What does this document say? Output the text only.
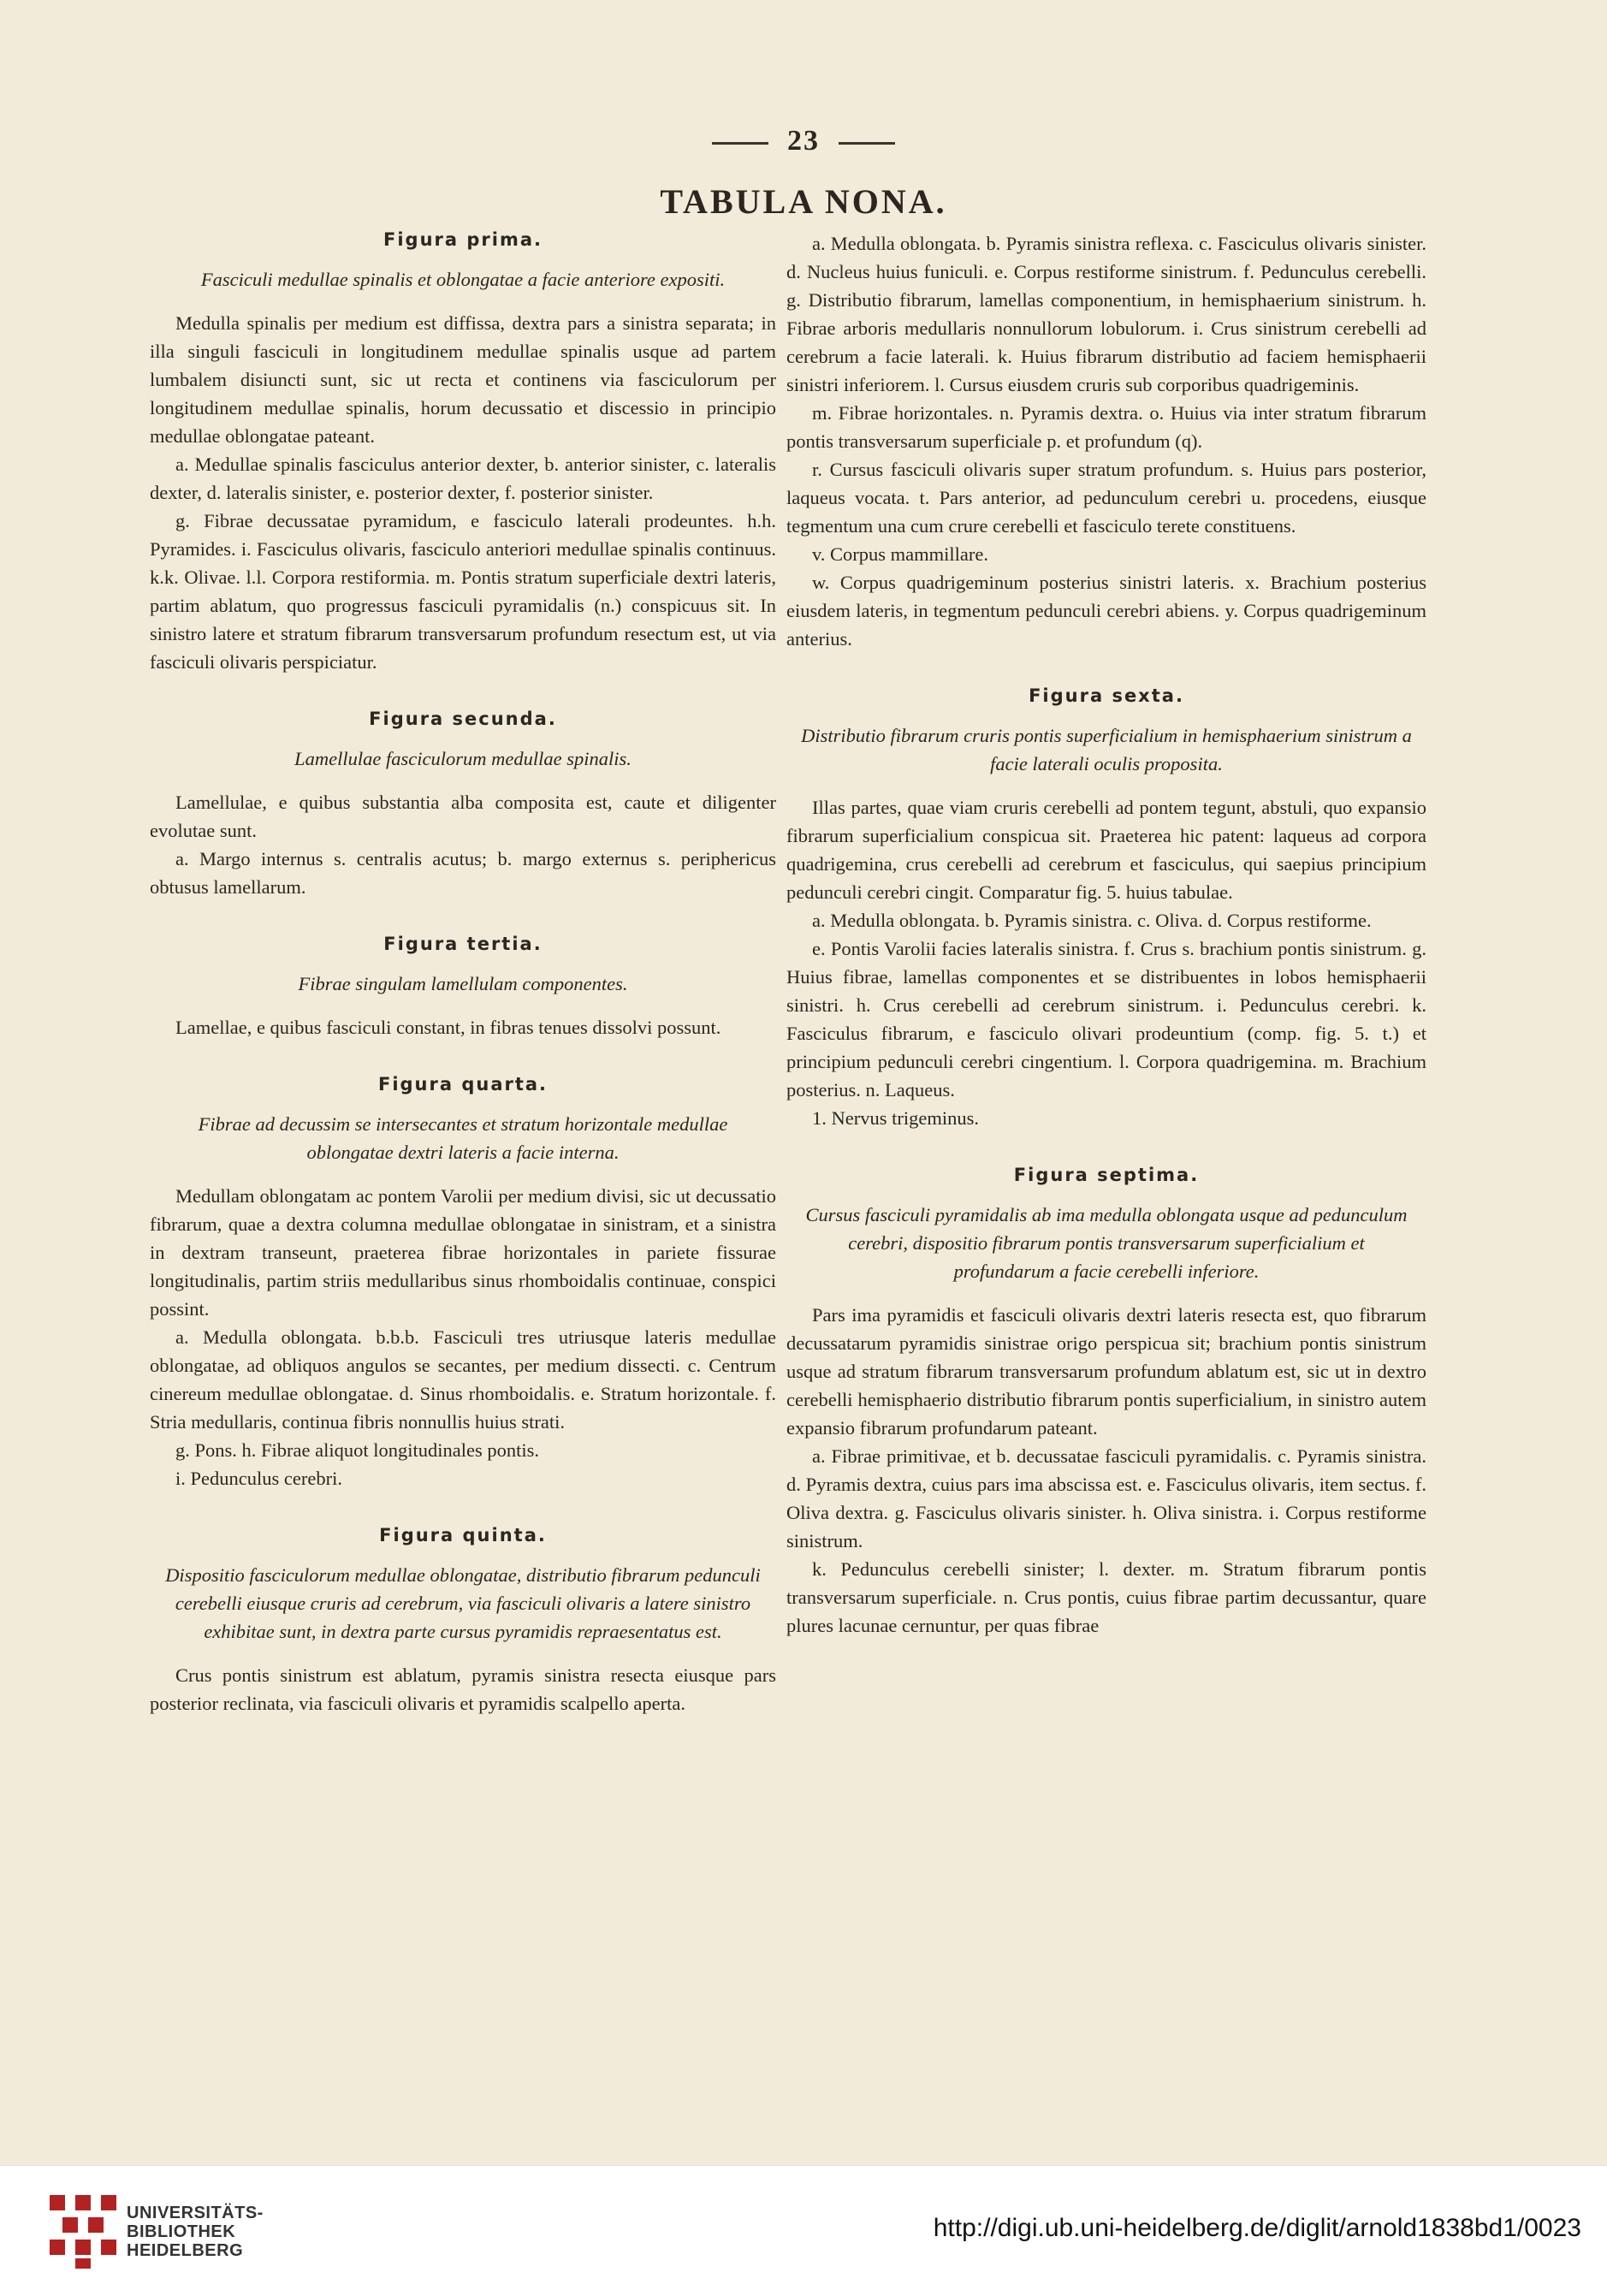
23
TABULA NONA.
Figura prima.
Fasciculi medullae spinalis et oblongatae a facie anteriore expositi.

Medulla spinalis per medium est diffissa, dextra pars a sinistra separata; in illa singuli fasciculi in longitudinem medullae spinalis usque ad partem lumbalem disiuncti sunt, sic ut recta et continens via fasciculorum per longitudinem medullae spinalis, horum decussatio et discessio in principio medullae oblongatae pateant.

a. Medullae spinalis fasciculus anterior dexter, b. anterior sinister, c. lateralis dexter, d. lateralis sinister, e. posterior dexter, f. posterior sinister.

g. Fibrae decussatae pyramidum, e fasciculo laterali prodeuntes. h.h. Pyramides. i. Fasciculus olivaris, fasciculo anteriori medullae spinalis continuus. k.k. Olivae. l.l. Corpora restiformia. m. Pontis stratum superficiale dextri lateris, partim ablatum, quo progressus fasciculi pyramidalis (n.) conspicuus sit. In sinistro latere et stratum fibrarum transversarum profundum resectum est, ut via fasciculi olivaris perspiciatur.

Figura secunda.
Lamellulae fasciculorum medullae spinalis.

Lamellulae, e quibus substantia alba composita est, caute et diligenter evolutae sunt.

a. Margo internus s. centralis acutus; b. margo externus s. periphericus obtusus lamellarum.

Figura tertia.
Fibrae singulam lamellulam componentes.

Lamellae, e quibus fasciculi constant, in fibras tenues dissolvi possunt.

Figura quarta.
Fibrae ad decussim se intersecantes et stratum horizontale medullae oblongatae dextri lateris a facie interna.

Medullam oblongatam ac pontem Varolii per medium divisi, sic ut decussatio fibrarum, quae a dextra columna medullae oblongatae in sinistram, et a sinistra in dextram transeunt, praeterea fibrae horizontales in pariete fissurae longitudinalis, partim striis medullaribus sinus rhomboidalis continuae, conspici possint.

a. Medulla oblongata. b.b.b. Fasciculi tres utriusque lateris medullae oblongatae, ad obliquos angulos se secantes, per medium dissecti. c. Centrum cinereum medullae oblongatae. d. Sinus rhomboidalis. e. Stratum horizontale. f. Stria medullaris, continua fibris nonnullis huius strati.

g. Pons. h. Fibrae aliquot longitudinales pontis.

i. Pedunculus cerebri.

Figura quinta.
Dispositio fasciculorum medullae oblongatae, distributio fibrarum pedunculi cerebelli eiusque cruris ad cerebrum, via fasciculi olivaris a latere sinistro exhibitae sunt, in dextra parte cursus pyramidis repraesentatus est.

Crus pontis sinistrum est ablatum, pyramis sinistra resecta eiusque pars posterior reclinata, via fasciculi olivaris et pyramidis scalpello aperta.

a. Medulla oblongata. b. Pyramis sinistra reflexa. c. Fasciculus olivaris sinister. d. Nucleus huius funiculi. e. Corpus restiforme sinistrum. f. Pedunculus cerebelli. g. Distributio fibrarum, lamellas componentium, in hemisphaerium sinistrum. h. Fibrae arboris medullaris nonnullorum lobulorum. i. Crus sinistrum cerebelli ad cerebrum a facie laterali. k. Huius fibrarum distributio ad faciem hemisphaerii sinistri inferiorem. l. Cursus eiusdem cruris sub corporibus quadrigeminis.

m. Fibrae horizontales. n. Pyramis dextra. o. Huius via inter stratum fibrarum pontis transversarum superficiale p. et profundum (q).

r. Cursus fasciculi olivaris super stratum profundum. s. Huius pars posterior, laqueus vocata. t. Pars anterior, ad pedunculum cerebri u. procedens, eiusque tegmentum una cum crure cerebelli et fasciculo terete constituens.

v. Corpus mammillare.

w. Corpus quadrigeminum posterius sinistri lateris. x. Brachium posterius eiusdem lateris, in tegmentum pedunculi cerebri abiens. y. Corpus quadrigeminum anterius.

Figura sexta.
Distributio fibrarum cruris pontis superficialium in hemisphaerium sinistrum a facie laterali oculis proposita.

Illas partes, quae viam cruris cerebelli ad pontem tegunt, abstuli, quo expansio fibrarum superficialium conspicua sit. Praeterea hic patent: laqueus ad corpora quadrigemina, crus cerebelli ad cerebrum et fasciculus, qui saepius principium pedunculi cerebri cingit. Comparatur fig. 5. huius tabulae.

a. Medulla oblongata. b. Pyramis sinistra. c. Oliva. d. Corpus restiforme.

e. Pontis Varolii facies lateralis sinistra. f. Crus s. brachium pontis sinistrum. g. Huius fibrae, lamellas componentes et se distribuentes in lobos hemisphaerii sinistri. h. Crus cerebelli ad cerebrum sinistrum. i. Pedunculus cerebri. k. Fasciculus fibrarum, e fasciculo olivari prodeuntium (comp. fig. 5. t.) et principium pedunculi cerebri cingentium. l. Corpora quadrigemina. m. Brachium posterius. n. Laqueus.

1. Nervus trigeminus.

Figura septima.
Cursus fasciculi pyramidalis ab ima medulla oblongata usque ad pedunculum cerebri, dispositio fibrarum pontis transversarum superficialium et profundarum a facie cerebelli inferiore.

Pars ima pyramidis et fasciculi olivaris dextri lateris resecta est, quo fibrarum decussatarum pyramidis sinistrae origo perspicua sit; brachium pontis sinistrum usque ad stratum fibrarum transversarum profundum ablatum est, sic ut in dextro cerebelli hemisphaerio distributio fibrarum pontis superficialium, in sinistro autem expansio fibrarum profundarum pateant.

a. Fibrae primitivae, et b. decussatae fasciculi pyramidalis. c. Pyramis sinistra. d. Pyramis dextra, cuius pars ima abscissa est. e. Fasciculus olivaris, item sectus. f. Oliva dextra. g. Fasciculus olivaris sinister. h. Oliva sinistra. i. Corpus restiforme sinistrum.

k. Pedunculus cerebelli sinister; l. dexter. m. Stratum fibrarum pontis transversarum superficiale. n. Crus pontis, cuius fibrae partim decussantur, quare plures lacunae cernuntur, per quas fibrae

UNIVERSITÄTS-
BIBLIOTHEK
HEIDELBERG
http://digi.ub.uni-heidelberg.de/diglit/arnold1838bd1/0023
